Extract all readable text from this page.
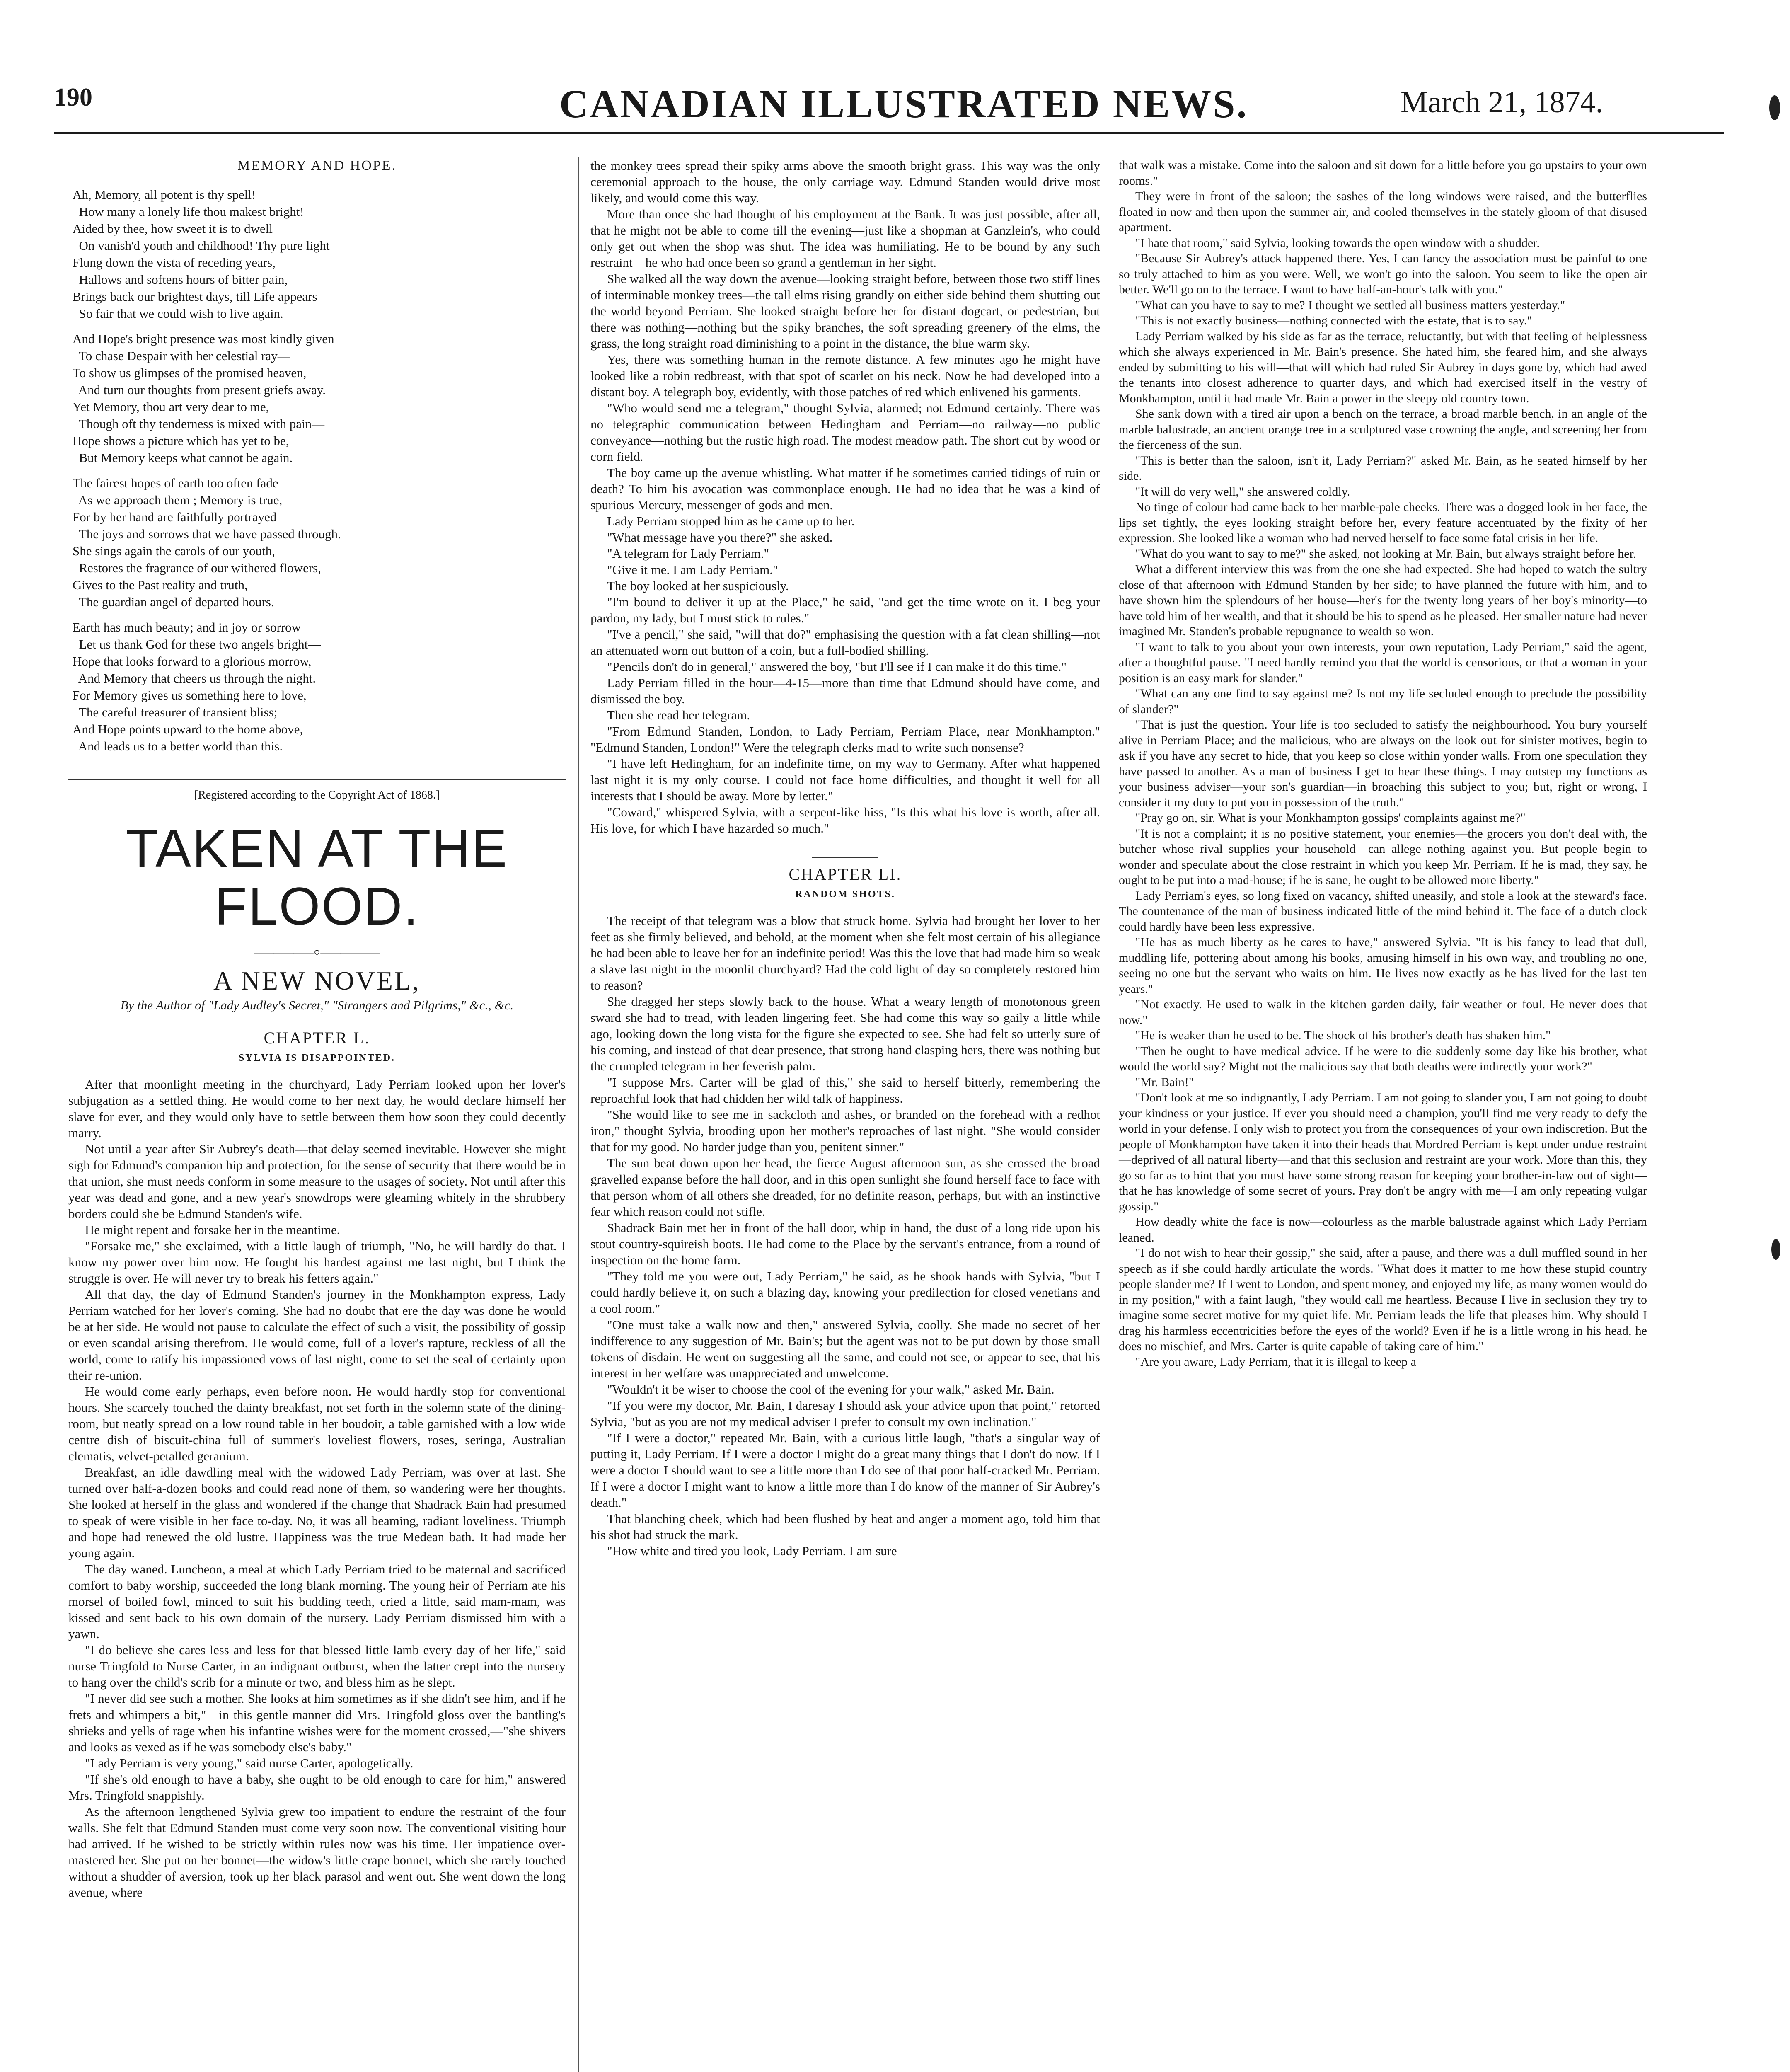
190	CANADIAN ILLUSTRATED NEWS.	March 21, 1874.
MEMORY AND HOPE.
Ah, Memory, all potent is thy spell!
How many a lonely life thou makest bright!
Aided by thee, how sweet it is to dwell
On vanish'd youth and childhood! Thy pure light
Flung down the vista of receding years,
Hallows and softens hours of bitter pain,
Brings back our brightest days, till Life appears
So fair that we could wish to live again.
And Hope's bright presence was most kindly given
To chase Despair with her celestial ray—
To show us glimpses of the promised heaven,
And turn our thoughts from present griefs away.
Yet Memory, thou art very dear to me,
Though oft thy tenderness is mixed with pain—
Hope shows a picture which has yet to be,
But Memory keeps what cannot be again.
The fairest hopes of earth too often fade
As we approach them ; Memory is true,
For by her hand are faithfully portrayed
The joys and sorrows that we have passed through.
She sings again the carols of our youth,
Restores the fragrance of our withered flowers,
Gives to the Past reality and truth,
The guardian angel of departed hours.
Earth has much beauty; and in joy or sorrow
Let us thank God for these two angels bright—
Hope that looks forward to a glorious morrow,
And Memory that cheers us through the night.
For Memory gives us something here to love,
The careful treasurer of transient bliss;
And Hope points upward to the home above,
And leads us to a better world than this.
[Registered according to the Copyright Act of 1868.]
TAKEN AT THE FLOOD.
———◦———
A NEW NOVEL,
By the Author of "Lady Audley's Secret," "Strangers and Pilgrims," &c., &c.
CHAPTER L.
SYLVIA IS DISAPPOINTED.

After that moonlight meeting in the churchyard, Lady Perriam looked upon her lover's subjugation as a settled thing. He would come to her next day, he would declare himself her slave for ever, and they would only have to settle between them how soon they could decently marry.

Not until a year after Sir Aubrey's death—that delay seemed inevitable. However she might sigh for Edmund's companion hip and protection, for the sense of security that there would be in that union, she must needs conform in some measure to the usages of society. Not until after this year was dead and gone, and a new year's snowdrops were gleaming whitely in the shrubbery borders could she be Edmund Standen's wife.

He might repent and forsake her in the meantime.

"Forsake me," she exclaimed, with a little laugh of triumph, "No, he will hardly do that. I know my power over him now. He fought his hardest against me last night, but I think the struggle is over. He will never try to break his fetters again."

All that day, the day of Edmund Standen's journey in the Monkhampton express, Lady Perriam watched for her lover's coming. She had no doubt that ere the day was done he would be at her side. He would not pause to calculate the effect of such a visit, the possibility of gossip or even scandal arising therefrom. He would come, full of a lover's rapture, reckless of all the world, come to ratify his impassioned vows of last night, come to set the seal of certainty upon their re-union.

He would come early perhaps, even before noon. He would hardly stop for conventional hours. She scarcely touched the dainty breakfast, not set forth in the solemn state of the dining-room, but neatly spread on a low round table in her boudoir, a table garnished with a low wide centre dish of biscuit-china full of summer's loveliest flowers, roses, seringa, Australian clematis, velvet-petalled geranium.

Breakfast, an idle dawdling meal with the widowed Lady Perriam, was over at last. She turned over half-a-dozen books and could read none of them, so wandering were her thoughts. She looked at herself in the glass and wondered if the change that Shadrack Bain had presumed to speak of were visible in her face to-day. No, it was all beaming, radiant loveliness. Triumph and hope had renewed the old lustre. Happiness was the true Medean bath. It had made her young again.

The day waned. Luncheon, a meal at which Lady Perriam tried to be maternal and sacrificed comfort to baby worship, succeeded the long blank morning. The young heir of Perriam ate his morsel of boiled fowl, minced to suit his budding teeth, cried a little, said mam-mam, was kissed and sent back to his own domain of the nursery. Lady Perriam dismissed him with a yawn.

"I do believe she cares less and less for that blessed little lamb every day of her life," said nurse Tringfold to Nurse Carter, in an indignant outburst, when the latter crept into the nursery to hang over the child's scrib for a minute or two, and bless him as he slept.

"I never did see such a mother. She looks at him sometimes as if she didn't see him, and if he frets and whimpers a bit,"—in this gentle manner did Mrs. Tringfold gloss over the bantling's shrieks and yells of rage when his infantine wishes were for the moment crossed,—"she shivers and looks as vexed as if he was somebody else's baby."

"Lady Perriam is very young," said nurse Carter, apologetically.

"If she's old enough to have a baby, she ought to be old enough to care for him," answered Mrs. Tringfold snappishly.

As the afternoon lengthened Sylvia grew too impatient to endure the restraint of the four walls. She felt that Edmund Standen must come very soon now. The conventional visiting hour had arrived. If he wished to be strictly within rules now was his time. Her impatience over-mastered her. She put on her bonnet—the widow's little crape bonnet, which she rarely touched without a shudder of aversion, took up her black parasol and went out. She went down the long avenue, where

the monkey trees spread their spiky arms above the smooth bright grass. This way was the only ceremonial approach to the house, the only carriage way. Edmund Standen would drive most likely, and would come this way.

More than once she had thought of his employment at the Bank. It was just possible, after all, that he might not be able to come till the evening—just like a shopman at Ganzlein's, who could only get out when the shop was shut. The idea was humiliating. He to be bound by any such restraint—he who had once been so grand a gentleman in her sight.

She walked all the way down the avenue—looking straight before, between those two stiff lines of interminable monkey trees—the tall elms rising grandly on either side behind them shutting out the world beyond Perriam. She looked straight before her for distant dogcart, or pedestrian, but there was nothing—nothing but the spiky branches, the soft spreading greenery of the elms, the grass, the long straight road diminishing to a point in the distance, the blue warm sky.

Yes, there was something human in the remote distance. A few minutes ago he might have looked like a robin redbreast, with that spot of scarlet on his neck. Now he had developed into a distant boy. A telegraph boy, evidently, with those patches of red which enlivened his garments.

"Who would send me a telegram," thought Sylvia, alarmed; not Edmund certainly. There was no telegraphic communication between Hedingham and Perriam—no railway—no public conveyance—nothing but the rustic high road. The modest meadow path. The short cut by wood or corn field.

The boy came up the avenue whistling. What matter if he sometimes carried tidings of ruin or death? To him his avocation was commonplace enough. He had no idea that he was a kind of spurious Mercury, messenger of gods and men.

Lady Perriam stopped him as he came up to her.

"What message have you there?" she asked.

"A telegram for Lady Perriam."

"Give it me. I am Lady Perriam."

The boy looked at her suspiciously.

"I'm bound to deliver it up at the Place," he said, "and get the time wrote on it. I beg your pardon, my lady, but I must stick to rules."

"I've a pencil," she said, "will that do?" emphasising the question with a fat clean shilling—not an attenuated worn out button of a coin, but a full-bodied shilling.

"Pencils don't do in general," answered the boy, "but I'll see if I can make it do this time."

Lady Perriam filled in the hour—4-15—more than time that Edmund should have come, and dismissed the boy.

Then she read her telegram.

"From Edmund Standen, London, to Lady Perriam, Perriam Place, near Monkhampton." "Edmund Standen, London!" Were the telegraph clerks mad to write such nonsense?

"I have left Hedingham, for an indefinite time, on my way to Germany. After what happened last night it is my only course. I could not face home difficulties, and thought it well for all interests that I should be away. More by letter."

"Coward," whispered Sylvia, with a serpent-like hiss, "Is this what his love is worth, after all. His love, for which I have hazarded so much."

CHAPTER LI.
RANDOM SHOTS.

The receipt of that telegram was a blow that struck home. Sylvia had brought her lover to her feet as she firmly believed, and behold, at the moment when she felt most certain of his allegiance he had been able to leave her for an indefinite period! Was this the love that had made him so weak a slave last night in the moonlit churchyard? Had the cold light of day so completely restored him to reason?

She dragged her steps slowly back to the house. What a weary length of monotonous green sward she had to tread, with leaden lingering feet. She had come this way so gaily a little while ago, looking down the long vista for the figure she expected to see. She had felt so utterly sure of his coming, and instead of that dear presence, that strong hand clasping hers, there was nothing but the crumpled telegram in her feverish palm.

"I suppose Mrs. Carter will be glad of this," she said to herself bitterly, remembering the reproachful look that had chidden her wild talk of happiness.

"She would like to see me in sackcloth and ashes, or branded on the forehead with a redhot iron," thought Sylvia, brooding upon her mother's reproaches of last night. "She would consider that for my good. No harder judge than you, penitent sinner."

The sun beat down upon her head, the fierce August afternoon sun, as she crossed the broad gravelled expanse before the hall door, and in this open sunlight she found herself face to face with that person whom of all others she dreaded, for no definite reason, perhaps, but with an instinctive fear which reason could not stifle.

Shadrack Bain met her in front of the hall door, whip in hand, the dust of a long ride upon his stout country-squireish boots. He had come to the Place by the servant's entrance, from a round of inspection on the home farm.

"They told me you were out, Lady Perriam," he said, as he shook hands with Sylvia, "but I could hardly believe it, on such a blazing day, knowing your predilection for closed venetians and a cool room."

"One must take a walk now and then," answered Sylvia, coolly. She made no secret of her indifference to any suggestion of Mr. Bain's; but the agent was not to be put down by those small tokens of disdain. He went on suggesting all the same, and could not see, or appear to see, that his interest in her welfare was unappreciated and unwelcome.

"Wouldn't it be wiser to choose the cool of the evening for your walk," asked Mr. Bain.

"If you were my doctor, Mr. Bain, I daresay I should ask your advice upon that point," retorted Sylvia, "but as you are not my medical adviser I prefer to consult my own inclination."

"If I were a doctor," repeated Mr. Bain, with a curious little laugh, "that's a singular way of putting it, Lady Perriam. If I were a doctor I might do a great many things that I don't do now. If I were a doctor I should want to see a little more than I do see of that poor half-cracked Mr. Perriam. If I were a doctor I might want to know a little more than I do know of the manner of Sir Aubrey's death."

That blanching cheek, which had been flushed by heat and anger a moment ago, told him that his shot had struck the mark.

"How white and tired you look, Lady Perriam. I am sure

that walk was a mistake. Come into the saloon and sit down for a little before you go upstairs to your own rooms."

They were in front of the saloon; the sashes of the long windows were raised, and the butterflies floated in now and then upon the summer air, and cooled themselves in the stately gloom of that disused apartment.

"I hate that room," said Sylvia, looking towards the open window with a shudder.

"Because Sir Aubrey's attack happened there. Yes, I can fancy the association must be painful to one so truly attached to him as you were. Well, we won't go into the saloon. You seem to like the open air better. We'll go on to the terrace. I want to have half-an-hour's talk with you."

"What can you have to say to me? I thought we settled all business matters yesterday."

"This is not exactly business—nothing connected with the estate, that is to say."

Lady Perriam walked by his side as far as the terrace, reluctantly, but with that feeling of helplessness which she always experienced in Mr. Bain's presence. She hated him, she feared him, and she always ended by submitting to his will—that will which had ruled Sir Aubrey in days gone by, which had awed the tenants into closest adherence to quarter days, and which had exercised itself in the vestry of Monkhampton, until it had made Mr. Bain a power in the sleepy old country town.

She sank down with a tired air upon a bench on the terrace, a broad marble bench, in an angle of the marble balustrade, an ancient orange tree in a sculptured vase crowning the angle, and screening her from the fierceness of the sun.

"This is better than the saloon, isn't it, Lady Perriam?" asked Mr. Bain, as he seated himself by her side.

"It will do very well," she answered coldly.

No tinge of colour had came back to her marble-pale cheeks. There was a dogged look in her face, the lips set tightly, the eyes looking straight before her, every feature accentuated by the fixity of her expression. She looked like a woman who had nerved herself to face some fatal crisis in her life.

"What do you want to say to me?" she asked, not looking at Mr. Bain, but always straight before her.

What a different interview this was from the one she had expected. She had hoped to watch the sultry close of that afternoon with Edmund Standen by her side; to have planned the future with him, and to have shown him the splendours of her house—her's for the twenty long years of her boy's minority—to have told him of her wealth, and that it should be his to spend as he pleased. Her smaller nature had never imagined Mr. Standen's probable repugnance to wealth so won.

"I want to talk to you about your own interests, your own reputation, Lady Perriam," said the agent, after a thoughtful pause. "I need hardly remind you that the world is censorious, or that a woman in your position is an easy mark for slander."

"What can any one find to say against me? Is not my life secluded enough to preclude the possibility of slander?"

"That is just the question. Your life is too secluded to satisfy the neighbourhood. You bury yourself alive in Perriam Place; and the malicious, who are always on the look out for sinister motives, begin to ask if you have any secret to hide, that you keep so close within yonder walls. From one speculation they have passed to another. As a man of business I get to hear these things. I may outstep my functions as your business adviser—your son's guardian—in broaching this subject to you; but, right or wrong, I consider it my duty to put you in possession of the truth."

"Pray go on, sir. What is your Monkhampton gossips' complaints against me?"

"It is not a complaint; it is no positive statement, your enemies—the grocers you don't deal with, the butcher whose rival supplies your household—can allege nothing against you. But people begin to wonder and speculate about the close restraint in which you keep Mr. Perriam. If he is mad, they say, he ought to be put into a mad-house; if he is sane, he ought to be allowed more liberty."

Lady Perriam's eyes, so long fixed on vacancy, shifted uneasily, and stole a look at the steward's face. The countenance of the man of business indicated little of the mind behind it. The face of a dutch clock could hardly have been less expressive.

"He has as much liberty as he cares to have," answered Sylvia. "It is his fancy to lead that dull, muddling life, pottering about among his books, amusing himself in his own way, and troubling no one, seeing no one but the servant who waits on him. He lives now exactly as he has lived for the last ten years."

"Not exactly. He used to walk in the kitchen garden daily, fair weather or foul. He never does that now."

"He is weaker than he used to be. The shock of his brother's death has shaken him."

"Then he ought to have medical advice. If he were to die suddenly some day like his brother, what would the world say? Might not the malicious say that both deaths were indirectly your work?"

"Mr. Bain!"

"Don't look at me so indignantly, Lady Perriam. I am not going to slander you, I am not going to doubt your kindness or your justice. If ever you should need a champion, you'll find me very ready to defy the world in your defense. I only wish to protect you from the consequences of your own indiscretion. But the people of Monkhampton have taken it into their heads that Mordred Perriam is kept under undue restraint—deprived of all natural liberty—and that this seclusion and restraint are your work. More than this, they go so far as to hint that you must have some strong reason for keeping your brother-in-law out of sight—that he has knowledge of some secret of yours. Pray don't be angry with me—I am only repeating vulgar gossip."

How deadly white the face is now—colourless as the marble balustrade against which Lady Perriam leaned.

"I do not wish to hear their gossip," she said, after a pause, and there was a dull muffled sound in her speech as if she could hardly articulate the words. "What does it matter to me how these stupid country people slander me? If I went to London, and spent money, and enjoyed my life, as many women would do in my position," with a faint laugh, "they would call me heartless. Because I live in seclusion they try to imagine some secret motive for my quiet life. Mr. Perriam leads the life that pleases him. Why should I drag his harmless eccentricities before the eyes of the world? Even if he is a little wrong in his head, he does no mischief, and Mrs. Carter is quite capable of taking care of him."

"Are you aware, Lady Perriam, that it is illegal to keep a
